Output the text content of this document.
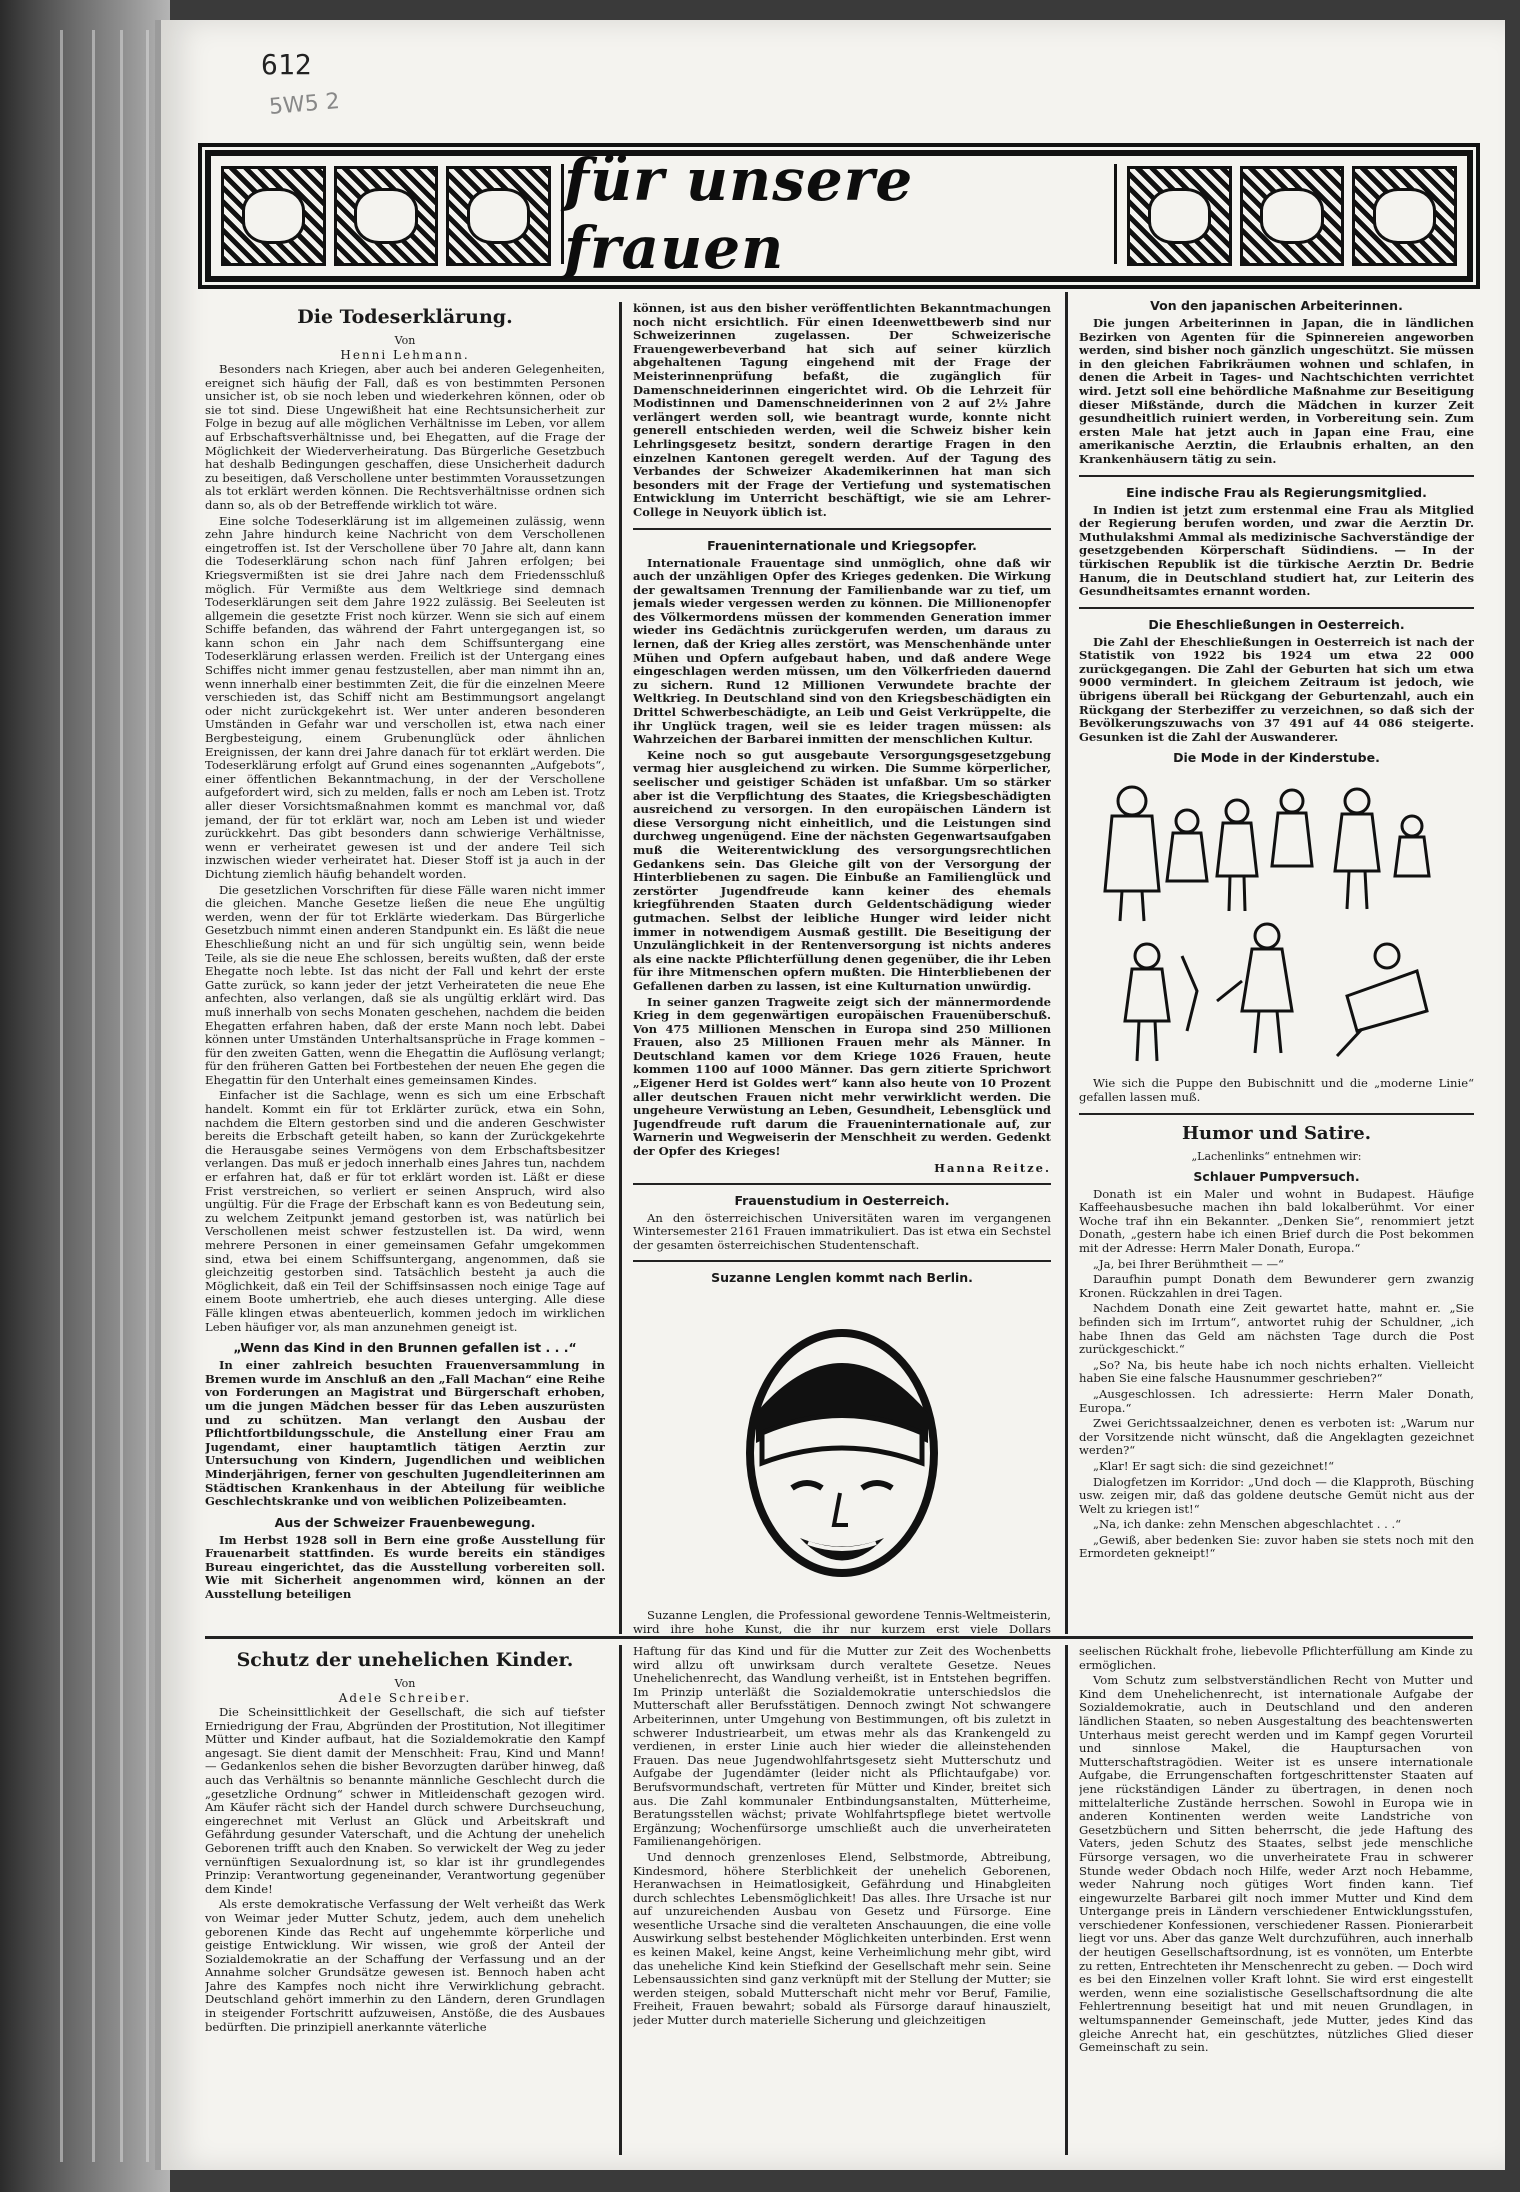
612
5W5 2
für unsere frauen
Die Todeserklärung.
Von
Henni Lehmann.

Besonders nach Kriegen, aber auch bei anderen Gelegenheiten, ereignet sich häufig der Fall, daß es von bestimmten Personen unsicher ist, ob sie noch leben und wiederkehren können, oder ob sie tot sind. Diese Ungewißheit hat eine Rechtsunsicherheit zur Folge in bezug auf alle möglichen Verhältnisse im Leben, vor allem auf Erbschaftsverhältnisse und, bei Ehegatten, auf die Frage der Möglichkeit der Wiederverheiratung. Das Bürgerliche Gesetzbuch hat deshalb Bedingungen geschaffen, diese Unsicherheit dadurch zu beseitigen, daß Verschollene unter bestimmten Voraussetzungen als tot erklärt werden können. Die Rechtsverhältnisse ordnen sich dann so, als ob der Betreffende wirklich tot wäre.

Eine solche Todeserklärung ist im allgemeinen zulässig, wenn zehn Jahre hindurch keine Nachricht von dem Verschollenen eingetroffen ist. Ist der Verschollene über 70 Jahre alt, dann kann die Todeserklärung schon nach fünf Jahren erfolgen; bei Kriegsvermißten ist sie drei Jahre nach dem Friedensschluß möglich. Für Vermißte aus dem Weltkriege sind demnach Todeserklärungen seit dem Jahre 1922 zulässig. Bei Seeleuten ist allgemein die gesetzte Frist noch kürzer. Wenn sie sich auf einem Schiffe befanden, das während der Fahrt untergegangen ist, so kann schon ein Jahr nach dem Schiffsuntergang eine Todeserklärung erlassen werden. Freilich ist der Untergang eines Schiffes nicht immer genau festzustellen, aber man nimmt ihn an, wenn innerhalb einer bestimmten Zeit, die für die einzelnen Meere verschieden ist, das Schiff nicht am Bestimmungsort angelangt oder nicht zurückgekehrt ist. Wer unter anderen besonderen Umständen in Gefahr war und verschollen ist, etwa nach einer Bergbesteigung, einem Grubenunglück oder ähnlichen Ereignissen, der kann drei Jahre danach für tot erklärt werden. Die Todeserklärung erfolgt auf Grund eines sogenannten „Aufgebots“, einer öffentlichen Bekanntmachung, in der der Verschollene aufgefordert wird, sich zu melden, falls er noch am Leben ist. Trotz aller dieser Vorsichtsmaßnahmen kommt es manchmal vor, daß jemand, der für tot erklärt war, noch am Leben ist und wieder zurückkehrt. Das gibt besonders dann schwierige Verhältnisse, wenn er verheiratet gewesen ist und der andere Teil sich inzwischen wieder verheiratet hat. Dieser Stoff ist ja auch in der Dichtung ziemlich häufig behandelt worden.

Die gesetzlichen Vorschriften für diese Fälle waren nicht immer die gleichen. Manche Gesetze ließen die neue Ehe ungültig werden, wenn der für tot Erklärte wiederkam. Das Bürgerliche Gesetzbuch nimmt einen anderen Standpunkt ein. Es läßt die neue Eheschließung nicht an und für sich ungültig sein, wenn beide Teile, als sie die neue Ehe schlossen, bereits wußten, daß der erste Ehegatte noch lebte. Ist das nicht der Fall und kehrt der erste Gatte zurück, so kann jeder der jetzt Verheirateten die neue Ehe anfechten, also verlangen, daß sie als ungültig erklärt wird. Das muß innerhalb von sechs Monaten geschehen, nachdem die beiden Ehegatten erfahren haben, daß der erste Mann noch lebt. Dabei können unter Umständen Unterhaltsansprüche in Frage kommen – für den zweiten Gatten, wenn die Ehegattin die Auflösung verlangt; für den früheren Gatten bei Fortbestehen der neuen Ehe gegen die Ehegattin für den Unterhalt eines gemeinsamen Kindes.

Einfacher ist die Sachlage, wenn es sich um eine Erbschaft handelt. Kommt ein für tot Erklärter zurück, etwa ein Sohn, nachdem die Eltern gestorben sind und die anderen Geschwister bereits die Erbschaft geteilt haben, so kann der Zurückgekehrte die Herausgabe seines Vermögens von dem Erbschaftsbesitzer verlangen. Das muß er jedoch innerhalb eines Jahres tun, nachdem er erfahren hat, daß er für tot erklärt worden ist. Läßt er diese Frist verstreichen, so verliert er seinen Anspruch, wird also ungültig. Für die Frage der Erbschaft kann es von Bedeutung sein, zu welchem Zeitpunkt jemand gestorben ist, was natürlich bei Verschollenen meist schwer festzustellen ist. Da wird, wenn mehrere Personen in einer gemeinsamen Gefahr umgekommen sind, etwa bei einem Schiffsuntergang, angenommen, daß sie gleichzeitig gestorben sind. Tatsächlich besteht ja auch die Möglichkeit, daß ein Teil der Schiffsinsassen noch einige Tage auf einem Boote umhertrieb, ehe auch dieses unterging. Alle diese Fälle klingen etwas abenteuerlich, kommen jedoch im wirklichen Leben häufiger vor, als man anzunehmen geneigt ist.

„Wenn das Kind in den Brunnen gefallen ist . . .“

In einer zahlreich besuchten Frauenversammlung in Bremen wurde im Anschluß an den „Fall Machan“ eine Reihe von Forderungen an Magistrat und Bürgerschaft erhoben, um die jungen Mädchen besser für das Leben auszurüsten und zu schützen. Man verlangt den Ausbau der Pflichtfortbildungsschule, die Anstellung einer Frau am Jugendamt, einer hauptamtlich tätigen Aerztin zur Untersuchung von Kindern, Jugendlichen und weiblichen Minderjährigen, ferner von geschulten Jugendleiterinnen am Städtischen Krankenhaus in der Abteilung für weibliche Geschlechtskranke und von weiblichen Polizeibeamten.

Aus der Schweizer Frauenbewegung.

Im Herbst 1928 soll in Bern eine große Ausstellung für Frauenarbeit stattfinden. Es wurde bereits ein ständiges Bureau eingerichtet, das die Ausstellung vorbereiten soll. Wie mit Sicherheit angenommen wird, können an der Ausstellung beteiligen

können, ist aus den bisher veröffentlichten Bekanntmachungen noch nicht ersichtlich. Für einen Ideenwettbewerb sind nur Schweizerinnen zugelassen. Der Schweizerische Frauengewerbeverband hat sich auf seiner kürzlich abgehaltenen Tagung eingehend mit der Frage der Meisterinnenprüfung befaßt, die zugänglich für Damenschneiderinnen eingerichtet wird. Ob die Lehrzeit für Modistinnen und Damenschneiderinnen von 2 auf 2½ Jahre verlängert werden soll, wie beantragt wurde, konnte nicht generell entschieden werden, weil die Schweiz bisher kein Lehrlingsgesetz besitzt, sondern derartige Fragen in den einzelnen Kantonen geregelt werden. Auf der Tagung des Verbandes der Schweizer Akademikerinnen hat man sich besonders mit der Frage der Vertiefung und systematischen Entwicklung im Unterricht beschäftigt, wie sie am Lehrer-College in Neuyork üblich ist.

Fraueninternationale und Kriegsopfer.

Internationale Frauentage sind unmöglich, ohne daß wir auch der unzähligen Opfer des Krieges gedenken. Die Wirkung der gewaltsamen Trennung der Familienbande war zu tief, um jemals wieder vergessen werden zu können. Die Millionenopfer des Völkermordens müssen der kommenden Generation immer wieder ins Gedächtnis zurückgerufen werden, um daraus zu lernen, daß der Krieg alles zerstört, was Menschenhände unter Mühen und Opfern aufgebaut haben, und daß andere Wege eingeschlagen werden müssen, um den Völkerfrieden dauernd zu sichern. Rund 12 Millionen Verwundete brachte der Weltkrieg. In Deutschland sind von den Kriegsbeschädigten ein Drittel Schwerbeschädigte, an Leib und Geist Verkrüppelte, die ihr Unglück tragen, weil sie es leider tragen müssen: als Wahrzeichen der Barbarei inmitten der menschlichen Kultur.

Keine noch so gut ausgebaute Versorgungsgesetzgebung vermag hier ausgleichend zu wirken. Die Summe körperlicher, seelischer und geistiger Schäden ist unfaßbar. Um so stärker aber ist die Verpflichtung des Staates, die Kriegsbeschädigten ausreichend zu versorgen. In den europäischen Ländern ist diese Versorgung nicht einheitlich, und die Leistungen sind durchweg ungenügend. Eine der nächsten Gegenwartsaufgaben muß die Weiterentwicklung des versorgungsrechtlichen Gedankens sein. Das Gleiche gilt von der Versorgung der Hinterbliebenen zu sagen. Die Einbuße an Familienglück und zerstörter Jugendfreude kann keiner des ehemals kriegführenden Staaten durch Geldentschädigung wieder gutmachen. Selbst der leibliche Hunger wird leider nicht immer in notwendigem Ausmaß gestillt. Die Beseitigung der Unzulänglichkeit in der Rentenversorgung ist nichts anderes als eine nackte Pflichterfüllung denen gegenüber, die ihr Leben für ihre Mitmenschen opfern mußten. Die Hinterbliebenen der Gefallenen darben zu lassen, ist eine Kulturnation unwürdig.

In seiner ganzen Tragweite zeigt sich der männermordende Krieg in dem gegenwärtigen europäischen Frauenüberschuß. Von 475 Millionen Menschen in Europa sind 250 Millionen Frauen, also 25 Millionen Frauen mehr als Männer. In Deutschland kamen vor dem Kriege 1026 Frauen, heute kommen 1100 auf 1000 Männer. Das gern zitierte Sprichwort „Eigener Herd ist Goldes wert“ kann also heute von 10 Prozent aller deutschen Frauen nicht mehr verwirklicht werden. Die ungeheure Verwüstung an Leben, Gesundheit, Lebensglück und Jugendfreude ruft darum die Fraueninternationale auf, zur Warnerin und Wegweiserin der Menschheit zu werden. Gedenkt der Opfer des Krieges!

Hanna Reitze.
Frauenstudium in Oesterreich.

An den österreichischen Universitäten waren im vergangenen Wintersemester 2161 Frauen immatrikuliert. Das ist etwa ein Sechstel der gesamten österreichischen Studentenschaft.

Suzanne Lenglen kommt nach Berlin.

Suzanne Lenglen, die Professional gewordene Tennis-Weltmeisterin, wird ihre hohe Kunst, die ihr nur kurzem erst viele Dollars

Von den japanischen Arbeiterinnen.

Die jungen Arbeiterinnen in Japan, die in ländlichen Bezirken von Agenten für die Spinnereien angeworben werden, sind bisher noch gänzlich ungeschützt. Sie müssen in den gleichen Fabrikräumen wohnen und schlafen, in denen die Arbeit in Tages- und Nachtschichten verrichtet wird. Jetzt soll eine behördliche Maßnahme zur Beseitigung dieser Mißstände, durch die Mädchen in kurzer Zeit gesundheitlich ruiniert werden, in Vorbereitung sein. Zum ersten Male hat jetzt auch in Japan eine Frau, eine amerikanische Aerztin, die Erlaubnis erhalten, an den Krankenhäusern tätig zu sein.

Eine indische Frau als Regierungsmitglied.

In Indien ist jetzt zum erstenmal eine Frau als Mitglied der Regierung berufen worden, und zwar die Aerztin Dr. Muthulakshmi Ammal als medizinische Sachverständige der gesetzgebenden Körperschaft Südindiens. — In der türkischen Republik ist die türkische Aerztin Dr. Bedrie Hanum, die in Deutschland studiert hat, zur Leiterin des Gesundheitsamtes ernannt worden.

Die Eheschließungen in Oesterreich.

Die Zahl der Eheschließungen in Oesterreich ist nach der Statistik von 1922 bis 1924 um etwa 22 000 zurückgegangen. Die Zahl der Geburten hat sich um etwa 9000 vermindert. In gleichem Zeitraum ist jedoch, wie übrigens überall bei Rückgang der Geburtenzahl, auch ein Rückgang der Sterbeziffer zu verzeichnen, so daß sich der Bevölkerungszuwachs von 37 491 auf 44 086 steigerte. Gesunken ist die Zahl der Auswanderer.

Die Mode in der Kinderstube.

Wie sich die Puppe den Bubischnitt und die „moderne Linie“ gefallen lassen muß.

Humor und Satire.
„Lachenlinks“ entnehmen wir:
Schlauer Pumpversuch.

Donath ist ein Maler und wohnt in Budapest. Häufige Kaffeehausbesuche machen ihn bald lokalberühmt. Vor einer Woche traf ihn ein Bekannter. „Denken Sie“, renommiert jetzt Donath, „gestern habe ich einen Brief durch die Post bekommen mit der Adresse: Herrn Maler Donath, Europa.“

„Ja, bei Ihrer Berühmtheit — —“

Daraufhin pumpt Donath dem Bewunderer gern zwanzig Kronen. Rückzahlen in drei Tagen.

Nachdem Donath eine Zeit gewartet hatte, mahnt er. „Sie befinden sich im Irrtum“, antwortet ruhig der Schuldner, „ich habe Ihnen das Geld am nächsten Tage durch die Post zurückgeschickt.“

„So? Na, bis heute habe ich noch nichts erhalten. Vielleicht haben Sie eine falsche Hausnummer geschrieben?“

„Ausgeschlossen. Ich adressierte: Herrn Maler Donath, Europa.“

Zwei Gerichtssaalzeichner, denen es verboten ist: „Warum nur der Vorsitzende nicht wünscht, daß die Angeklagten gezeichnet werden?“

„Klar! Er sagt sich: die sind gezeichnet!“

Dialogfetzen im Korridor: „Und doch — die Klapproth, Büsching usw. zeigen mir, daß das goldene deutsche Gemüt nicht aus der Welt zu kriegen ist!“

„Na, ich danke: zehn Menschen abgeschlachtet . . .“

„Gewiß, aber bedenken Sie: zuvor haben sie stets noch mit den Ermordeten gekneipt!“

Schutz der unehelichen Kinder.
Von
Adele Schreiber.

Die Scheinsittlichkeit der Gesellschaft, die sich auf tiefster Erniedrigung der Frau, Abgründen der Prostitution, Not illegitimer Mütter und Kinder aufbaut, hat die Sozialdemokratie den Kampf angesagt. Sie dient damit der Menschheit: Frau, Kind und Mann! — Gedankenlos sehen die bisher Bevorzugten darüber hinweg, daß auch das Verhältnis so benannte männliche Geschlecht durch die „gesetzliche Ordnung“ schwer in Mitleidenschaft gezogen wird. Am Käufer rächt sich der Handel durch schwere Durchseuchung, eingerechnet mit Verlust an Glück und Arbeitskraft und Gefährdung gesunder Vaterschaft, und die Achtung der unehelich Geborenen trifft auch den Knaben. So verwickelt der Weg zu jeder vernünftigen Sexualordnung ist, so klar ist ihr grundlegendes Prinzip: Verantwortung gegeneinander, Verantwortung gegenüber dem Kinde!

Als erste demokratische Verfassung der Welt verheißt das Werk von Weimar jeder Mutter Schutz, jedem, auch dem unehelich geborenen Kinde das Recht auf ungehemmte körperliche und geistige Entwicklung. Wir wissen, wie groß der Anteil der Sozialdemokratie an der Schaffung der Verfassung und an der Annahme solcher Grundsätze gewesen ist. Bennoch haben acht Jahre des Kampfes noch nicht ihre Verwirklichung gebracht. Deutschland gehört immerhin zu den Ländern, deren Grundlagen in steigender Fortschritt aufzuweisen, Anstöße, die des Ausbaues bedürften. Die prinzipiell anerkannte väterliche

Haftung für das Kind und für die Mutter zur Zeit des Wochenbetts wird allzu oft unwirksam durch veraltete Gesetze. Neues Unehelichenrecht, das Wandlung verheißt, ist in Entstehen begriffen. Im Prinzip unterläßt die Sozialdemokratie unterschiedslos die Mutterschaft aller Berufsstätigen. Dennoch zwingt Not schwangere Arbeiterinnen, unter Umgehung von Bestimmungen, oft bis zuletzt in schwerer Industriearbeit, um etwas mehr als das Krankengeld zu verdienen, in erster Linie auch hier wieder die alleinstehenden Frauen. Das neue Jugendwohlfahrtsgesetz sieht Mutterschutz und Aufgabe der Jugendämter (leider nicht als Pflichtaufgabe) vor. Berufsvormundschaft, vertreten für Mütter und Kinder, breitet sich aus. Die Zahl kommunaler Entbindungsanstalten, Mütterheime, Beratungsstellen wächst; private Wohlfahrtspflege bietet wertvolle Ergänzung; Wochenfürsorge umschließt auch die unverheirateten Familienangehörigen.

Und dennoch grenzenloses Elend, Selbstmorde, Abtreibung, Kindesmord, höhere Sterblichkeit der unehelich Geborenen, Heranwachsen in Heimatlosigkeit, Gefährdung und Hinabgleiten durch schlechtes Lebensmöglichkeit! Das alles. Ihre Ursache ist nur auf unzureichenden Ausbau von Gesetz und Fürsorge. Eine wesentliche Ursache sind die veralteten Anschauungen, die eine volle Auswirkung selbst bestehender Möglichkeiten unterbinden. Erst wenn es keinen Makel, keine Angst, keine Verheimlichung mehr gibt, wird das uneheliche Kind kein Stiefkind der Gesellschaft mehr sein. Seine Lebensaussichten sind ganz verknüpft mit der Stellung der Mutter; sie werden steigen, sobald Mutterschaft nicht mehr vor Beruf, Familie, Freiheit, Frauen bewahrt; sobald als Fürsorge darauf hinauszielt, jeder Mutter durch materielle Sicherung und gleichzeitigen

seelischen Rückhalt frohe, liebevolle Pflichterfüllung am Kinde zu ermöglichen.

Vom Schutz zum selbstverständlichen Recht von Mutter und Kind dem Unehelichenrecht, ist internationale Aufgabe der Sozialdemokratie, auch in Deutschland und den anderen ländlichen Staaten, so neben Ausgestaltung des beachtenswerten Unterhaus meist gerecht werden und im Kampf gegen Vorurteil und sinnlose Makel, die Hauptursachen von Mutterschaftstragödien. Weiter ist es unsere internationale Aufgabe, die Errungenschaften fortgeschrittenster Staaten auf jene rückständigen Länder zu übertragen, in denen noch mittelalterliche Zustände herrschen. Sowohl in Europa wie in anderen Kontinenten werden weite Landstriche von Gesetzbüchern und Sitten beherrscht, die jede Haftung des Vaters, jeden Schutz des Staates, selbst jede menschliche Fürsorge versagen, wo die unverheiratete Frau in schwerer Stunde weder Obdach noch Hilfe, weder Arzt noch Hebamme, weder Nahrung noch gütiges Wort finden kann. Tief eingewurzelte Barbarei gilt noch immer Mutter und Kind dem Untergange preis in Ländern verschiedener Entwicklungsstufen, verschiedener Konfessionen, verschiedener Rassen. Pionierarbeit liegt vor uns. Aber das ganze Welt durchzuführen, auch innerhalb der heutigen Gesellschaftsordnung, ist es vonnöten, um Enterbte zu retten, Entrechteten ihr Menschenrecht zu geben. — Doch wird es bei den Einzelnen voller Kraft lohnt. Sie wird erst eingestellt werden, wenn eine sozialistische Gesellschaftsordnung die alte Fehlertrennung beseitigt hat und mit neuen Grundlagen, in weltumspannender Gemeinschaft, jede Mutter, jedes Kind das gleiche Anrecht hat, ein geschütztes, nützliches Glied dieser Gemeinschaft zu sein.
